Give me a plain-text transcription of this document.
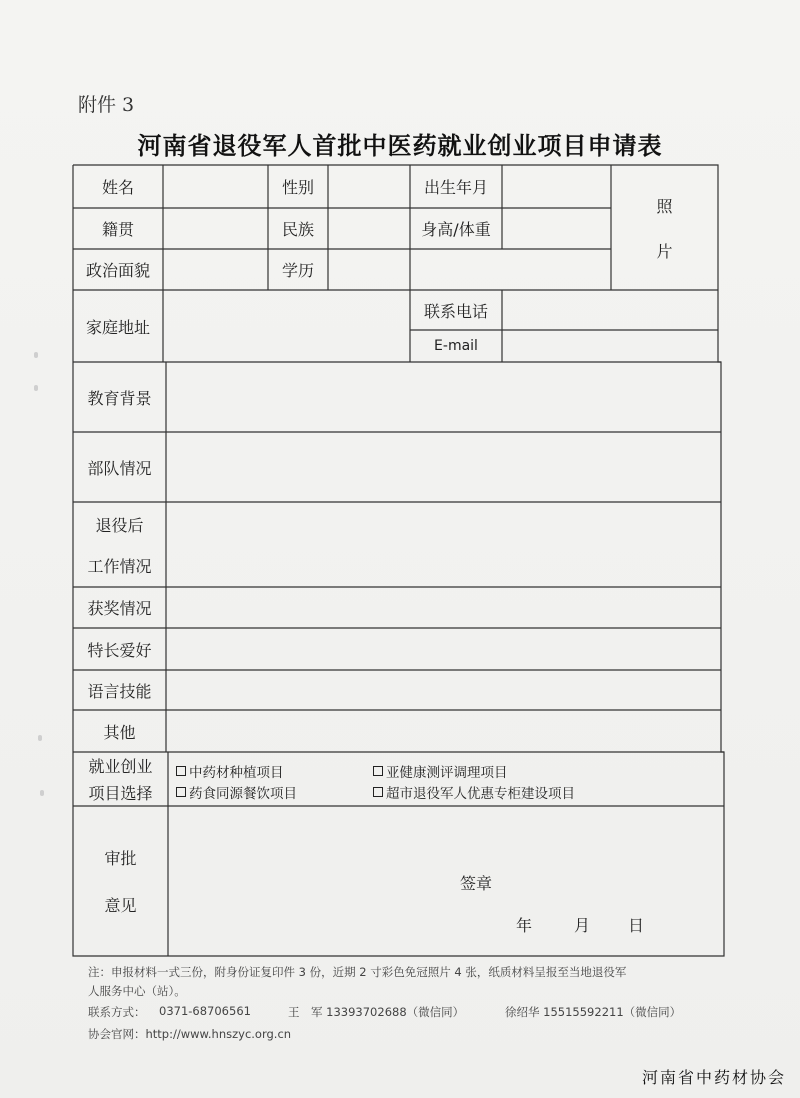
附件 3
河南省退役军人首批中医药就业创业项目申请表
姓名	性别	出生年月
照
片
籍贯	民族	身高/体重
政治面貌	学历
家庭地址
联系电话
E-mail
教育背景
部队情况
退役后
工作情况
获奖情况
特长爱好
语言技能
其他
就业创业
项目选择
中药材种植项目	亚健康测评调理项目
药食同源餐饮项目	超市退役军人优惠专柜建设项目
审批
意见
签章
年	月 日
注：申报材料一式三份，附身份证复印件 3 份，近期 2 寸彩色免冠照片 4 张，纸质材料呈报至当地退役军
人服务中心（站）。
联系方式： 0371-68706561	王　军 13393702688（微信同）	徐绍华 15515592211（微信同）
协会官网：http://www.hnszyc.org.cn
河南省中药材协会
